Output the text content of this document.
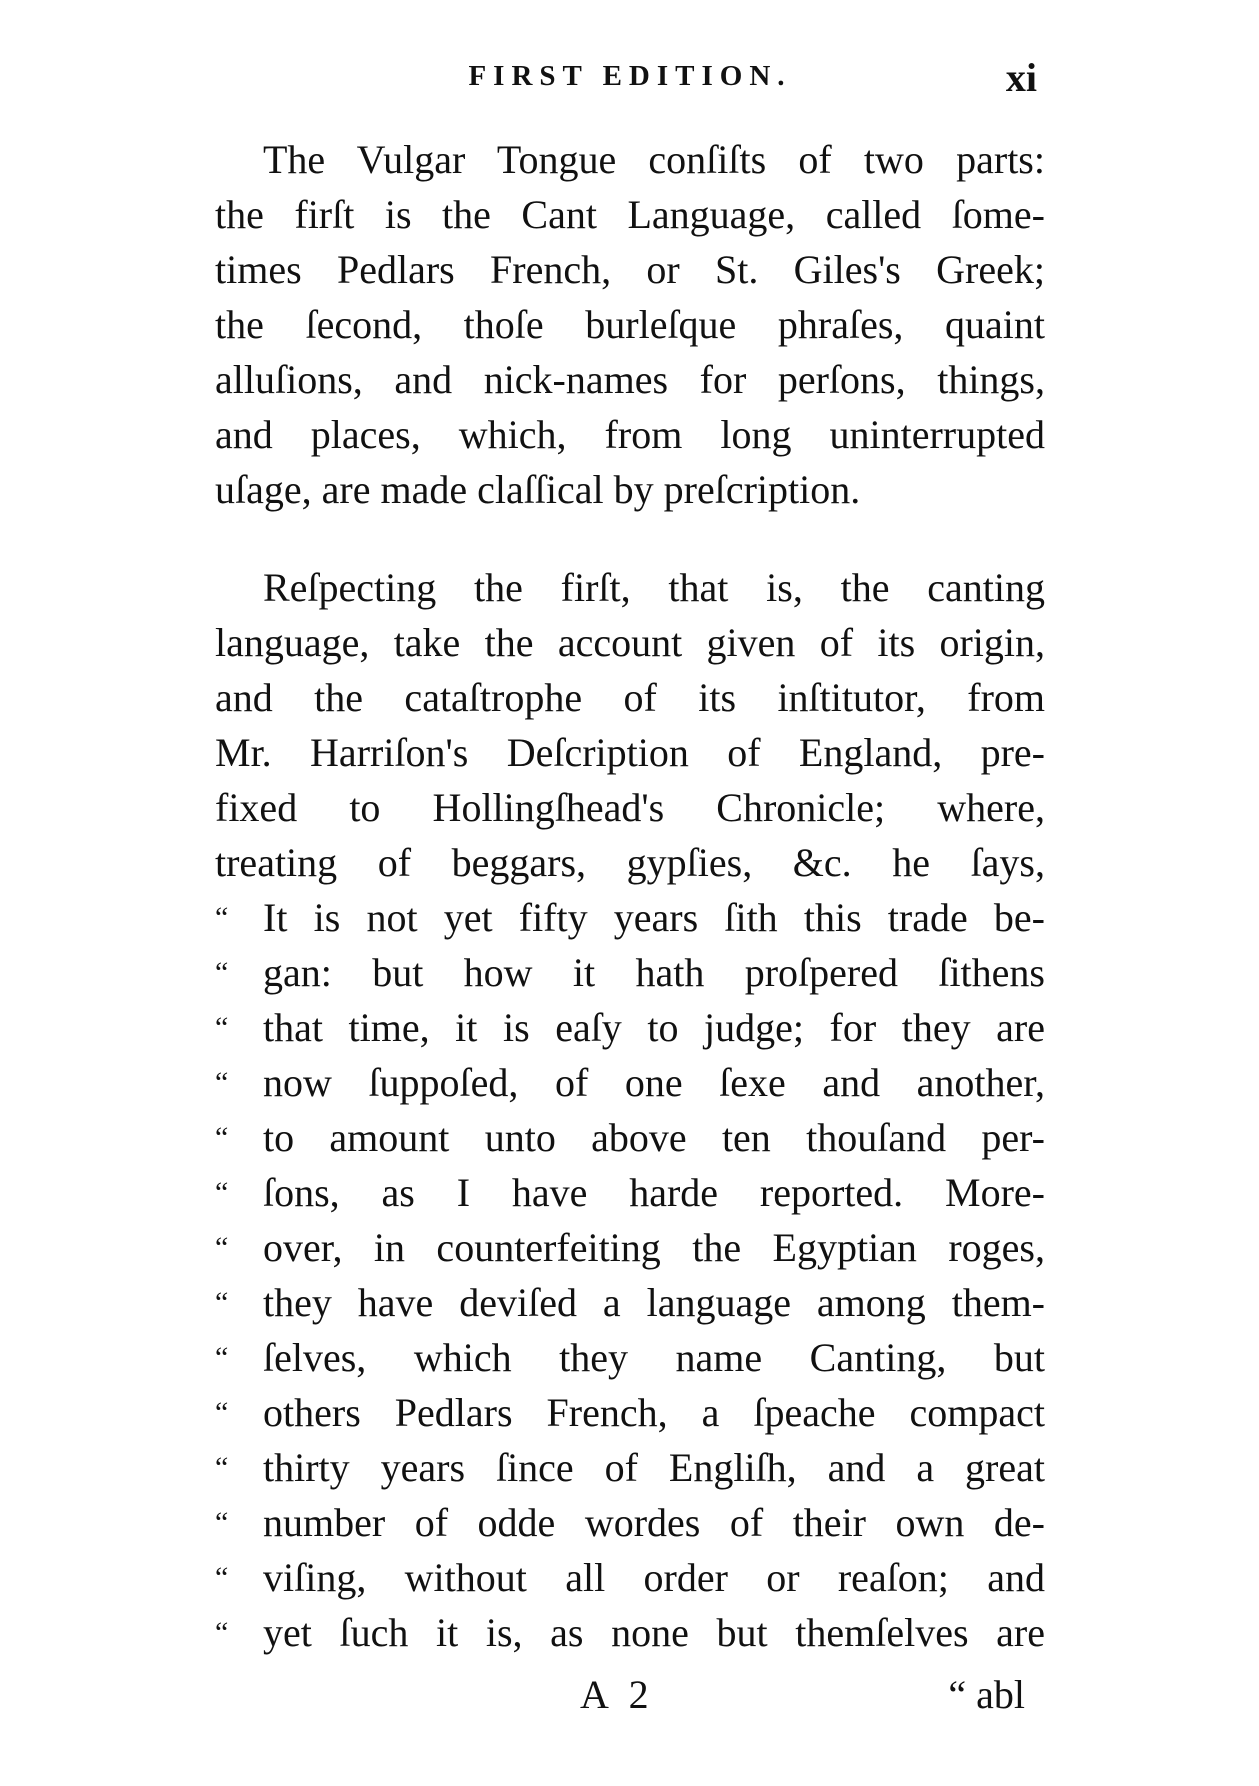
FIRST EDITION.	xi
The Vulgar Tongue conſiſts of two parts:
the firſt is the Cant Language, called ſome-
times Pedlars French, or St. Giles's Greek;
the ſecond, thoſe burleſque phraſes, quaint
alluſions, and nick-names for perſons, things,
and places, which, from long uninterrupted
uſage, are made claſſical by preſcription.
Reſpecting the firſt, that is, the canting
language, take the account given of its origin,
and the cataſtrophe of its inſtitutor, from
Mr. Harriſon's Deſcription of England, pre-
fixed to Hollingſhead's Chronicle; where,
treating of beggars, gypſies, &c. he ſays,
“ It is not yet fifty years ſith this trade be-
“ gan: but how it hath proſpered ſithens
“ that time, it is eaſy to judge; for they are
“ now ſuppoſed, of one ſexe and another,
“ to amount unto above ten thouſand per-
“ ſons, as I have harde reported. More-
“ over, in counterfeiting the Egyptian roges,
“ they have deviſed a language among them-
“ ſelves, which they name Canting, but
“ others Pedlars French, a ſpeache compact
“ thirty years ſince of Engliſh, and a great
“ number of odde wordes of their own de-
“ viſing, without all order or reaſon; and
“ yet ſuch it is, as none but themſelves are
A 2	“ abl
